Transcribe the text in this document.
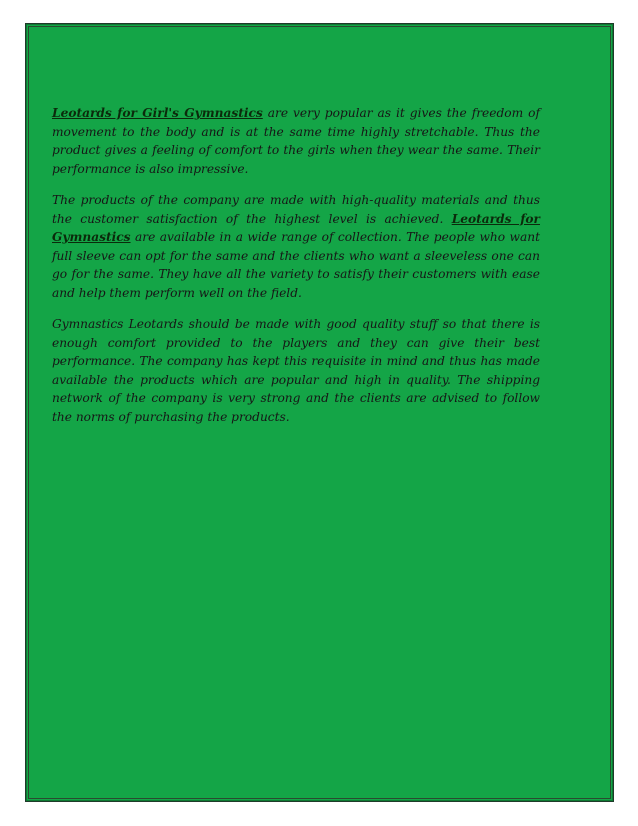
Leotards for Girl's Gymnastics are very popular as it gives the freedom of movement to the body and is at the same time highly stretchable. Thus the product gives a feeling of comfort to the girls when they wear the same. Their performance is also impressive.

The products of the company are made with high-quality materials and thus the customer satisfaction of the highest level is achieved. Leotards for Gymnastics are available in a wide range of collection. The people who want full sleeve can opt for the same and the clients who want a sleeveless one can go for the same. They have all the variety to satisfy their customers with ease and help them perform well on the field.

Gymnastics Leotards should be made with good quality stuff so that there is enough comfort provided to the players and they can give their best performance. The company has kept this requisite in mind and thus has made available the products which are popular and high in quality. The shipping network of the company is very strong and the clients are advised to follow the norms of purchasing the products.
